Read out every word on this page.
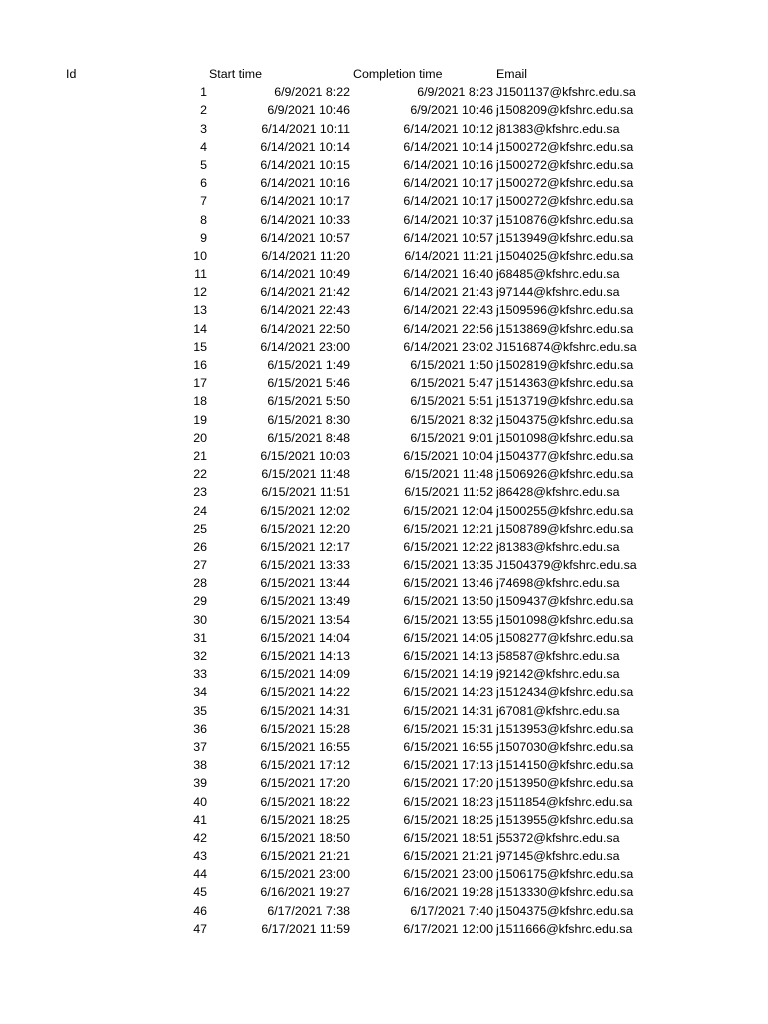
Id	Start time	Completion time	Email
1	6/9/2021 8:22	6/9/2021 8:23 J1501137@kfshrc.edu.sa
2	6/9/2021 10:46	6/9/2021 10:46 j1508209@kfshrc.edu.sa
3	6/14/2021 10:11	6/14/2021 10:12 j81383@kfshrc.edu.sa
4	6/14/2021 10:14	6/14/2021 10:14 j1500272@kfshrc.edu.sa
5	6/14/2021 10:15	6/14/2021 10:16 j1500272@kfshrc.edu.sa
6	6/14/2021 10:16	6/14/2021 10:17 j1500272@kfshrc.edu.sa
7	6/14/2021 10:17	6/14/2021 10:17 j1500272@kfshrc.edu.sa
8	6/14/2021 10:33	6/14/2021 10:37 j1510876@kfshrc.edu.sa
9	6/14/2021 10:57	6/14/2021 10:57 j1513949@kfshrc.edu.sa
10	6/14/2021 11:20	6/14/2021 11:21 j1504025@kfshrc.edu.sa
11	6/14/2021 10:49	6/14/2021 16:40 j68485@kfshrc.edu.sa
12	6/14/2021 21:42	6/14/2021 21:43 j97144@kfshrc.edu.sa
13	6/14/2021 22:43	6/14/2021 22:43 j1509596@kfshrc.edu.sa
14	6/14/2021 22:50	6/14/2021 22:56 j1513869@kfshrc.edu.sa
15	6/14/2021 23:00	6/14/2021 23:02 J1516874@kfshrc.edu.sa
16	6/15/2021 1:49	6/15/2021 1:50 j1502819@kfshrc.edu.sa
17	6/15/2021 5:46	6/15/2021 5:47 j1514363@kfshrc.edu.sa
18	6/15/2021 5:50	6/15/2021 5:51 j1513719@kfshrc.edu.sa
19	6/15/2021 8:30	6/15/2021 8:32 j1504375@kfshrc.edu.sa
20	6/15/2021 8:48	6/15/2021 9:01 j1501098@kfshrc.edu.sa
21	6/15/2021 10:03	6/15/2021 10:04 j1504377@kfshrc.edu.sa
22	6/15/2021 11:48	6/15/2021 11:48 j1506926@kfshrc.edu.sa
23	6/15/2021 11:51	6/15/2021 11:52 j86428@kfshrc.edu.sa
24	6/15/2021 12:02	6/15/2021 12:04 j1500255@kfshrc.edu.sa
25	6/15/2021 12:20	6/15/2021 12:21 j1508789@kfshrc.edu.sa
26	6/15/2021 12:17	6/15/2021 12:22 j81383@kfshrc.edu.sa
27	6/15/2021 13:33	6/15/2021 13:35 J1504379@kfshrc.edu.sa
28	6/15/2021 13:44	6/15/2021 13:46 j74698@kfshrc.edu.sa
29	6/15/2021 13:49	6/15/2021 13:50 j1509437@kfshrc.edu.sa
30	6/15/2021 13:54	6/15/2021 13:55 j1501098@kfshrc.edu.sa
31	6/15/2021 14:04	6/15/2021 14:05 j1508277@kfshrc.edu.sa
32	6/15/2021 14:13	6/15/2021 14:13 j58587@kfshrc.edu.sa
33	6/15/2021 14:09	6/15/2021 14:19 j92142@kfshrc.edu.sa
34	6/15/2021 14:22	6/15/2021 14:23 j1512434@kfshrc.edu.sa
35	6/15/2021 14:31	6/15/2021 14:31 j67081@kfshrc.edu.sa
36	6/15/2021 15:28	6/15/2021 15:31 j1513953@kfshrc.edu.sa
37	6/15/2021 16:55	6/15/2021 16:55 j1507030@kfshrc.edu.sa
38	6/15/2021 17:12	6/15/2021 17:13 j1514150@kfshrc.edu.sa
39	6/15/2021 17:20	6/15/2021 17:20 j1513950@kfshrc.edu.sa
40	6/15/2021 18:22	6/15/2021 18:23 j1511854@kfshrc.edu.sa
41	6/15/2021 18:25	6/15/2021 18:25 j1513955@kfshrc.edu.sa
42	6/15/2021 18:50	6/15/2021 18:51 j55372@kfshrc.edu.sa
43	6/15/2021 21:21	6/15/2021 21:21 j97145@kfshrc.edu.sa
44	6/15/2021 23:00	6/15/2021 23:00 j1506175@kfshrc.edu.sa
45	6/16/2021 19:27	6/16/2021 19:28 j1513330@kfshrc.edu.sa
46	6/17/2021 7:38	6/17/2021 7:40 j1504375@kfshrc.edu.sa
47	6/17/2021 11:59	6/17/2021 12:00 j1511666@kfshrc.edu.sa
